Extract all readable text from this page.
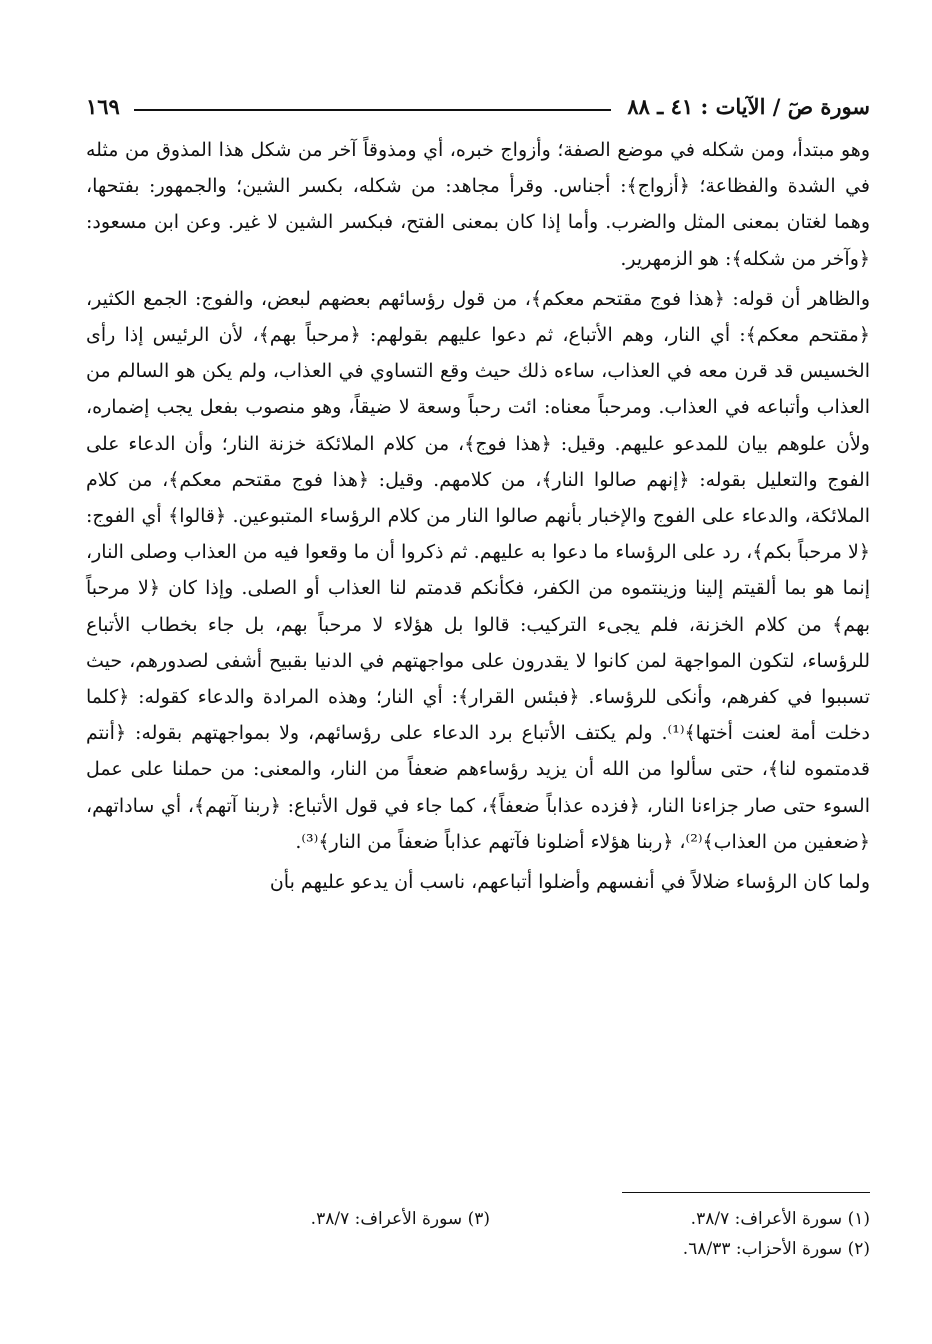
سورة صٓ / الآيات : ٤١ ـ ٨٨
١٦٩

وهو مبتدأ، ومن شكله في موضع الصفة؛ وأزواج خبره، أي ومذوقاً آخر من شكل هذا المذوق من مثله في الشدة والفظاعة؛ ﴿أزواج﴾: أجناس. وقرأ مجاهد: من شكله، بكسر الشين؛ والجمهور: بفتحها، وهما لغتان بمعنى المثل والضرب. وأما إذا كان بمعنى الفتح، فبكسر الشين لا غير. وعن ابن مسعود: ﴿وآخر من شكله﴾: هو الزمهرير.

والظاهر أن قوله: ﴿هذا فوج مقتحم معكم﴾، من قول رؤسائهم بعضهم لبعض، والفوج: الجمع الكثير، ﴿مقتحم معكم﴾: أي النار، وهم الأتباع، ثم دعوا عليهم بقولهم: ﴿مرحباً بهم﴾، لأن الرئيس إذا رأى الخسيس قد قرن معه في العذاب، ساءه ذلك حيث وقع التساوي في العذاب، ولم يكن هو السالم من العذاب وأتباعه في العذاب. ومرحباً معناه: ائت رحباً وسعة لا ضيقاً، وهو منصوب بفعل يجب إضماره، ولأن علوهم بيان للمدعو عليهم. وقيل: ﴿هذا فوج﴾، من كلام الملائكة خزنة النار؛ وأن الدعاء على الفوج والتعليل بقوله: ﴿إنهم صالوا النار﴾، من كلامهم. وقيل: ﴿هذا فوج مقتحم معكم﴾، من كلام الملائكة، والدعاء على الفوج والإخبار بأنهم صالوا النار من كلام الرؤساء المتبوعين. ﴿قالوا﴾ أي الفوج: ﴿لا مرحباً بكم﴾، رد على الرؤساء ما دعوا به عليهم. ثم ذكروا أن ما وقعوا فيه من العذاب وصلى النار، إنما هو بما ألقيتم إلينا وزينتموه من الكفر، فكأنكم قدمتم لنا العذاب أو الصلى. وإذا كان ﴿لا مرحباً بهم﴾ من كلام الخزنة، فلم يجىء التركيب: قالوا بل هؤلاء لا مرحباً بهم، بل جاء بخطاب الأتباع للرؤساء، لتكون المواجهة لمن كانوا لا يقدرون على مواجهتهم في الدنيا بقبيح أشفى لصدورهم، حيث تسببوا في كفرهم، وأنكى للرؤساء. ﴿فبئس القرار﴾: أي النار؛ وهذه المرادة والدعاء كقوله: ﴿كلما دخلت أمة لعنت أختها﴾⁽¹⁾. ولم يكتف الأتباع برد الدعاء على رؤسائهم، ولا بمواجهتهم بقوله: ﴿أنتم قدمتموه لنا﴾، حتى سألوا من الله أن يزيد رؤساءهم ضعفاً من النار، والمعنى: من حملنا على عمل السوء حتى صار جزاءنا النار، ﴿فزده عذاباً ضعفاً﴾، كما جاء في قول الأتباع: ﴿ربنا آتهم﴾، أي ساداتهم، ﴿ضعفين من العذاب﴾⁽²⁾، ﴿ربنا هؤلاء أضلونا فآتهم عذاباً ضعفاً من النار﴾⁽³⁾.

ولما كان الرؤساء ضلالاً في أنفسهم وأضلوا أتباعهم، ناسب أن يدعو عليهم بأن

(١) سورة الأعراف: ٣٨/٧.
(٣) سورة الأعراف: ٣٨/٧.
(٢) سورة الأحزاب: ٦٨/٣٣.
